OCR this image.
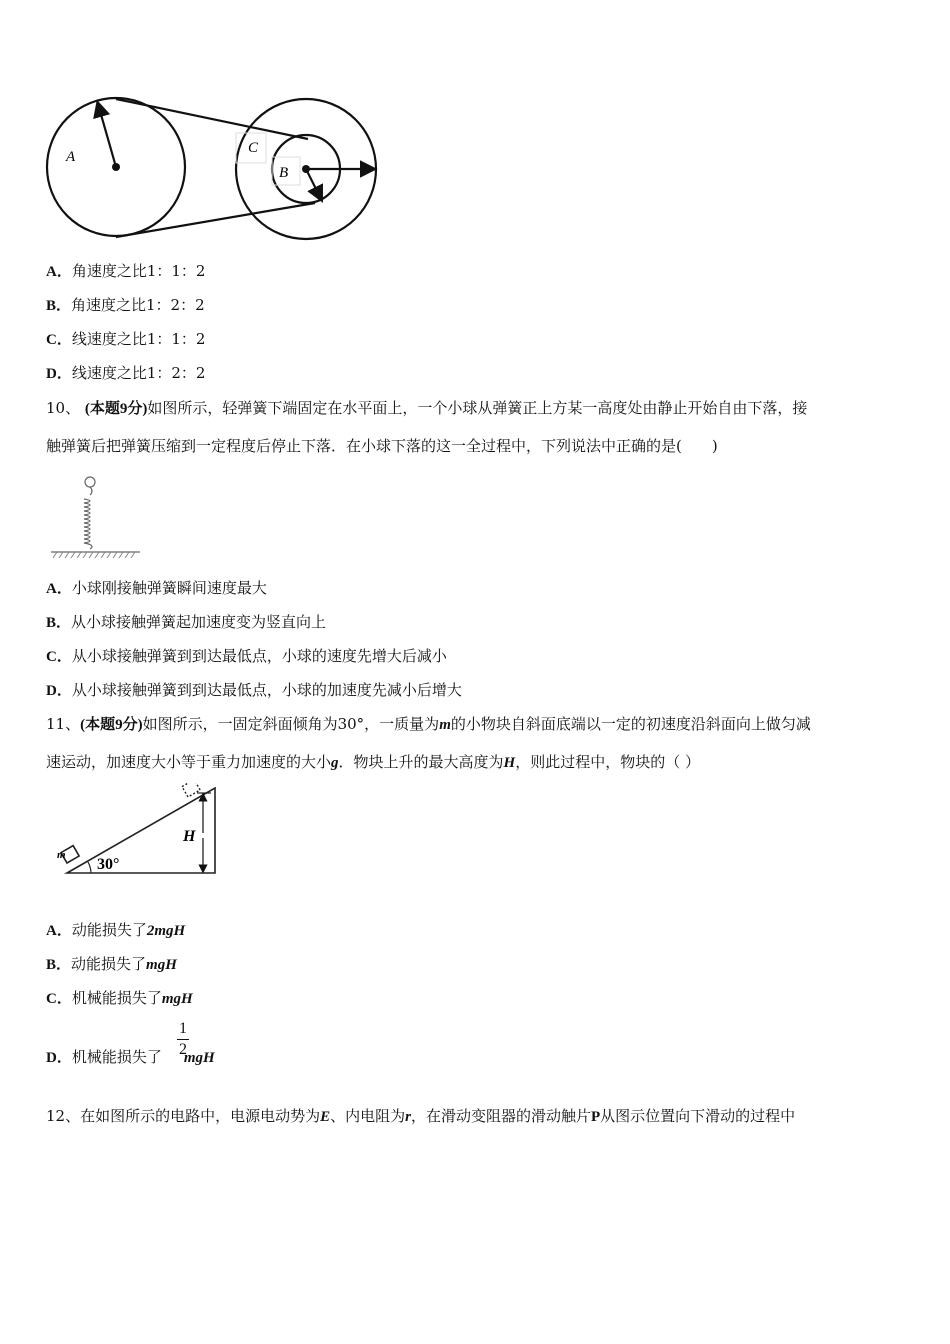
A
C
B
A．角速度之比1：1：2
B．角速度之比1：2：2
C．线速度之比1：1：2
D．线速度之比1：2：2
10、 (本题9分)如图所示，轻弹簧下端固定在水平面上，一个小球从弹簧正上方某一高度处由静止开始自由下落，接
触弹簧后把弹簧压缩到一定程度后停止下落．在小球下落的这一全过程中，下列说法中正确的是(　　)
A．小球刚接触弹簧瞬间速度最大
B．从小球接触弹簧起加速度变为竖直向上
C．从小球接触弹簧到到达最低点，小球的速度先增大后减小
D．从小球接触弹簧到到达最低点，小球的加速度先减小后增大
11、(本题9分)如图所示，一固定斜面倾角为30°，一质量为m的小物块自斜面底端以一定的初速度沿斜面向上做匀减
速运动，加速度大小等于重力加速度的大小g．物块上升的最大高度为H，则此过程中，物块的（ ）
H
30°
m
A．动能损失了2mgH
B．动能损失了mgH
C．机械能损失了mgH
D．机械能损失了 mgH
1
2
12、在如图所示的电路中，电源电动势为E、内电阻为r，在滑动变阻器的滑动触片P从图示位置向下滑动的过程中
